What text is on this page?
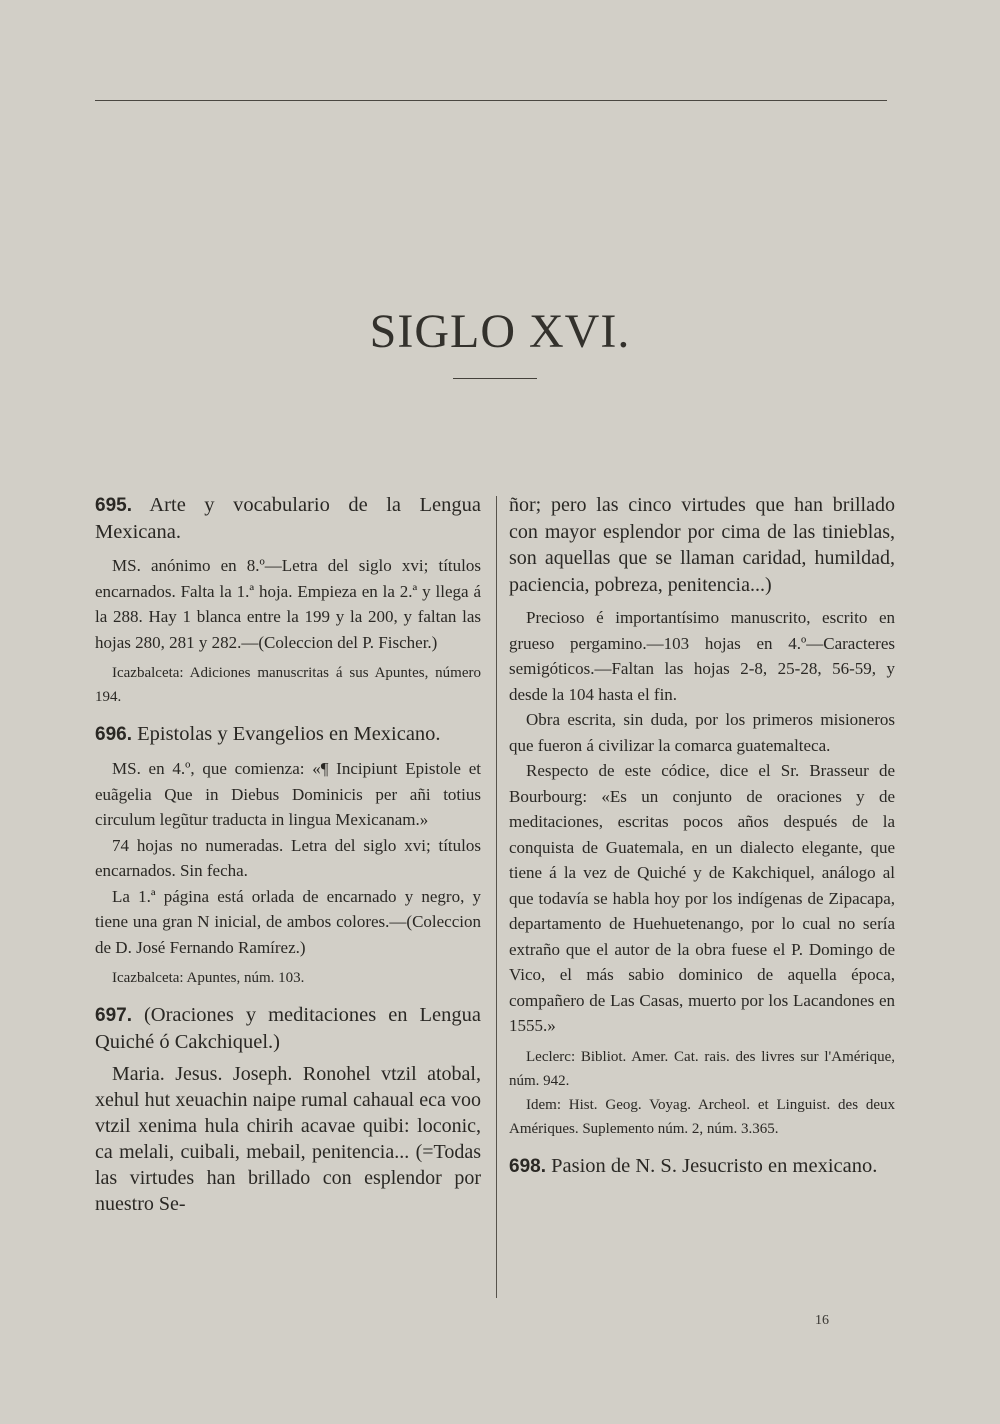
SIGLO XVI.

695. Arte y vocabulario de la Lengua Mexicana.

MS. anónimo en 8.º—Letra del siglo xvi; títulos encarnados. Falta la 1.ª hoja. Empieza en la 2.ª y llega á la 288. Hay 1 blanca entre la 199 y la 200, y faltan las hojas 280, 281 y 282.—(Coleccion del P. Fischer.)

Icazbalceta: Adiciones manuscritas á sus Apuntes, número 194.

696. Epistolas y Evangelios en Mexicano.

MS. en 4.º, que comienza: «¶ Incipiunt Epistole et euãgelia Que in Diebus Dominicis per añi totius circulum legũtur traducta in lingua Mexicanam.»

74 hojas no numeradas. Letra del siglo xvi; títulos encarnados. Sin fecha.

La 1.ª página está orlada de encarnado y negro, y tiene una gran N inicial, de ambos colores.—(Coleccion de D. José Fernando Ramírez.)

Icazbalceta: Apuntes, núm. 103.

697. (Oraciones y meditaciones en Lengua Quiché ó Cakchiquel.)

Maria. Jesus. Joseph. Ronohel vtzil atobal, xehul hut xeuachin naipe rumal cahaual eca voo vtzil xenima hula chirih acavae quibi: loconic, ca melali, cuibali, mebail, penitencia... (=Todas las virtudes han brillado con esplendor por nuestro Se-

ñor; pero las cinco virtudes que han brillado con mayor esplendor por cima de las tinieblas, son aquellas que se llaman caridad, humildad, paciencia, pobreza, penitencia...)

Precioso é importantísimo manuscrito, escrito en grueso pergamino.—103 hojas en 4.º—Caracteres semigóticos.—Faltan las hojas 2-8, 25-28, 56-59, y desde la 104 hasta el fin.

Obra escrita, sin duda, por los primeros misioneros que fueron á civilizar la comarca guatemalteca.

Respecto de este códice, dice el Sr. Brasseur de Bourbourg: «Es un conjunto de oraciones y de meditaciones, escritas pocos años después de la conquista de Guatemala, en un dialecto elegante, que tiene á la vez de Quiché y de Kakchiquel, análogo al que todavía se habla hoy por los indígenas de Zipacapa, departamento de Huehuetenango, por lo cual no sería extraño que el autor de la obra fuese el P. Domingo de Vico, el más sabio dominico de aquella época, compañero de Las Casas, muerto por los Lacandones en 1555.»

Leclerc: Bibliot. Amer. Cat. rais. des livres sur l'Amérique, núm. 942.

Idem: Hist. Geog. Voyag. Archeol. et Linguist. des deux Amériques. Suplemento núm. 2, núm. 3.365.

698. Pasion de N. S. Jesucristo en mexicano.

16
